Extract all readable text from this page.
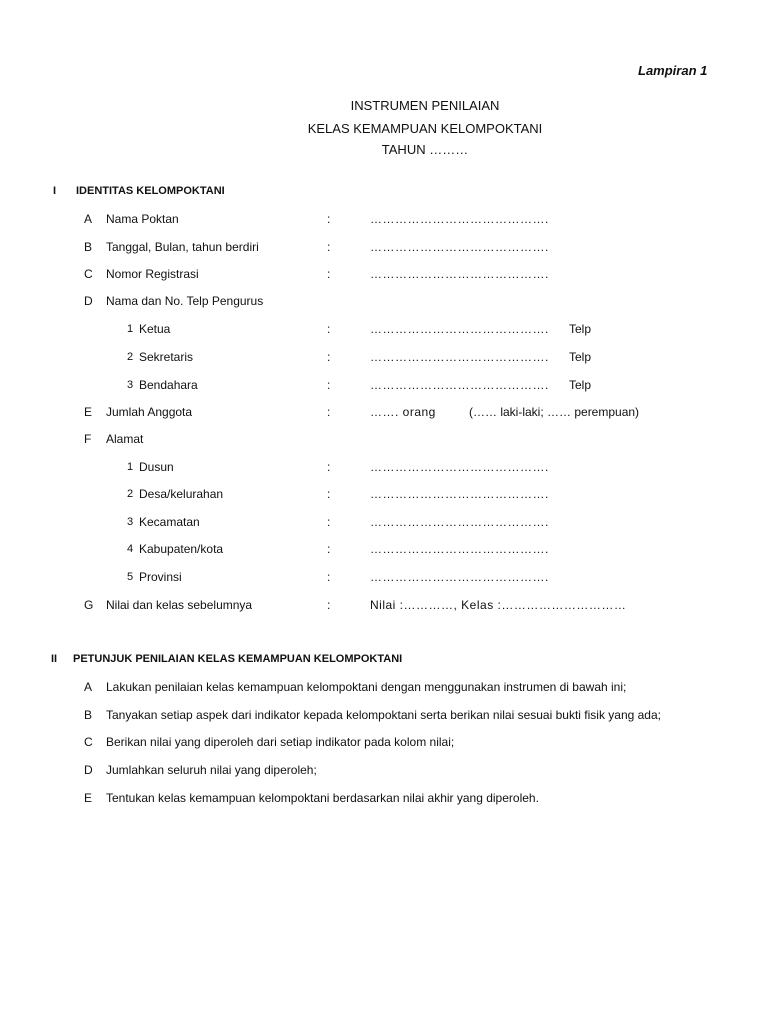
Lampiran 1
INSTRUMEN PENILAIAN
KELAS KEMAMPUAN KELOMPOKTANI
TAHUN ………
I IDENTITAS KELOMPOKTANI
A Nama Poktan	:	…………………………………….
B Tanggal, Bulan, tahun berdiri	:	…………………………………….
C Nomor Registrasi	:	…………………………………….
D Nama dan No. Telp Pengurus
1 Ketua	:	……………………………………. Telp
2 Sekretaris	:	……………………………………. Telp
3 Bendahara	:	……………………………………. Telp
E Jumlah Anggota	:	……. orang	(…… laki-laki; …… perempuan)
F Alamat
1 Dusun	:	…………………………………….
2 Desa/kelurahan	:	…………………………………….
3 Kecamatan	:	…………………………………….
4 Kabupaten/kota	:	…………………………………….
5 Provinsi	:	…………………………………….
G Nilai dan kelas sebelumnya	:	Nilai :…………, Kelas :…………………………
II PETUNJUK PENILAIAN KELAS KEMAMPUAN KELOMPOKTANI
A Lakukan penilaian kelas kemampuan kelompoktani dengan menggunakan instrumen di bawah ini;
B Tanyakan setiap aspek dari indikator kepada kelompoktani serta berikan nilai sesuai bukti fisik yang ada;
C Berikan nilai yang diperoleh dari setiap indikator pada kolom nilai;
D Jumlahkan seluruh nilai yang diperoleh;
E Tentukan kelas kemampuan kelompoktani berdasarkan nilai akhir yang diperoleh.
